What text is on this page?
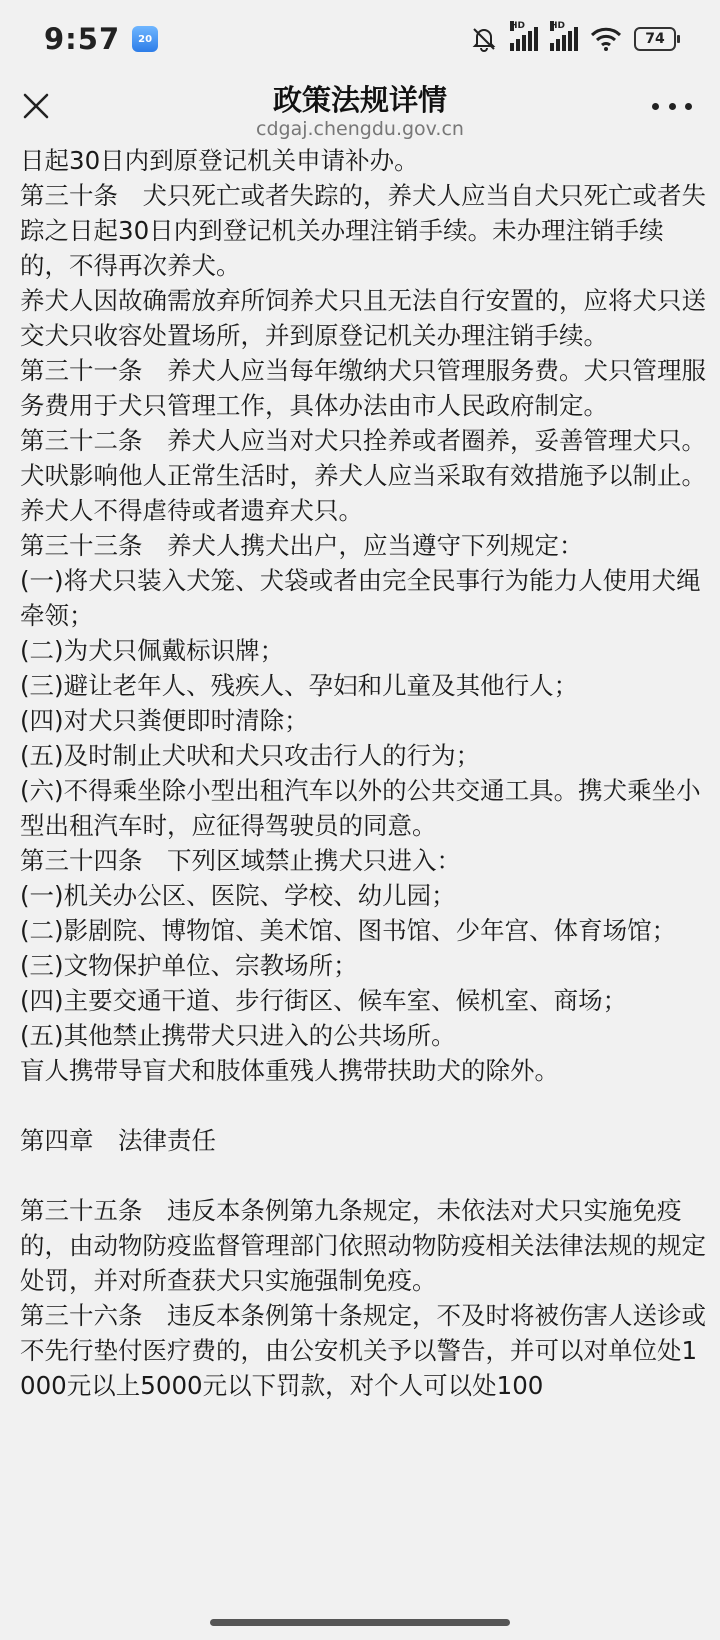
9:57	20
HD	HD
74
政策法规详情
cdgaj.chengdu.gov.cn

日起30日内到原登记机关申请补办。

第三十条　犬只死亡或者失踪的，养犬人应当自犬只死亡或者失踪之日起30日内到登记机关办理注销手续。未办理注销手续的，不得再次养犬。

养犬人因故确需放弃所饲养犬只且无法自行安置的，应将犬只送交犬只收容处置场所，并到原登记机关办理注销手续。

第三十一条　养犬人应当每年缴纳犬只管理服务费。犬只管理服务费用于犬只管理工作，具体办法由市人民政府制定。

第三十二条　养犬人应当对犬只拴养或者圈养，妥善管理犬只。

犬吠影响他人正常生活时，养犬人应当采取有效措施予以制止。

养犬人不得虐待或者遗弃犬只。

第三十三条　养犬人携犬出户，应当遵守下列规定：

(一)将犬只装入犬笼、犬袋或者由完全民事行为能力人使用犬绳牵领；

(二)为犬只佩戴标识牌；

(三)避让老年人、残疾人、孕妇和儿童及其他行人；

(四)对犬只粪便即时清除；

(五)及时制止犬吠和犬只攻击行人的行为；

(六)不得乘坐除小型出租汽车以外的公共交通工具。携犬乘坐小型出租汽车时，应征得驾驶员的同意。

第三十四条　下列区域禁止携犬只进入：

(一)机关办公区、医院、学校、幼儿园；

(二)影剧院、博物馆、美术馆、图书馆、少年宫、体育场馆；

(三)文物保护单位、宗教场所；

(四)主要交通干道、步行街区、候车室、候机室、商场；

(五)其他禁止携带犬只进入的公共场所。

盲人携带导盲犬和肢体重残人携带扶助犬的除外。

第四章　法律责任

第三十五条　违反本条例第九条规定，未依法对犬只实施免疫的，由动物防疫监督管理部门依照动物防疫相关法律法规的规定处罚，并对所查获犬只实施强制免疫。

第三十六条　违反本条例第十条规定，不及时将被伤害人送诊或不先行垫付医疗费的，由公安机关予以警告，并可以对单位处1000元以上5000元以下罚款，对个人可以处100
